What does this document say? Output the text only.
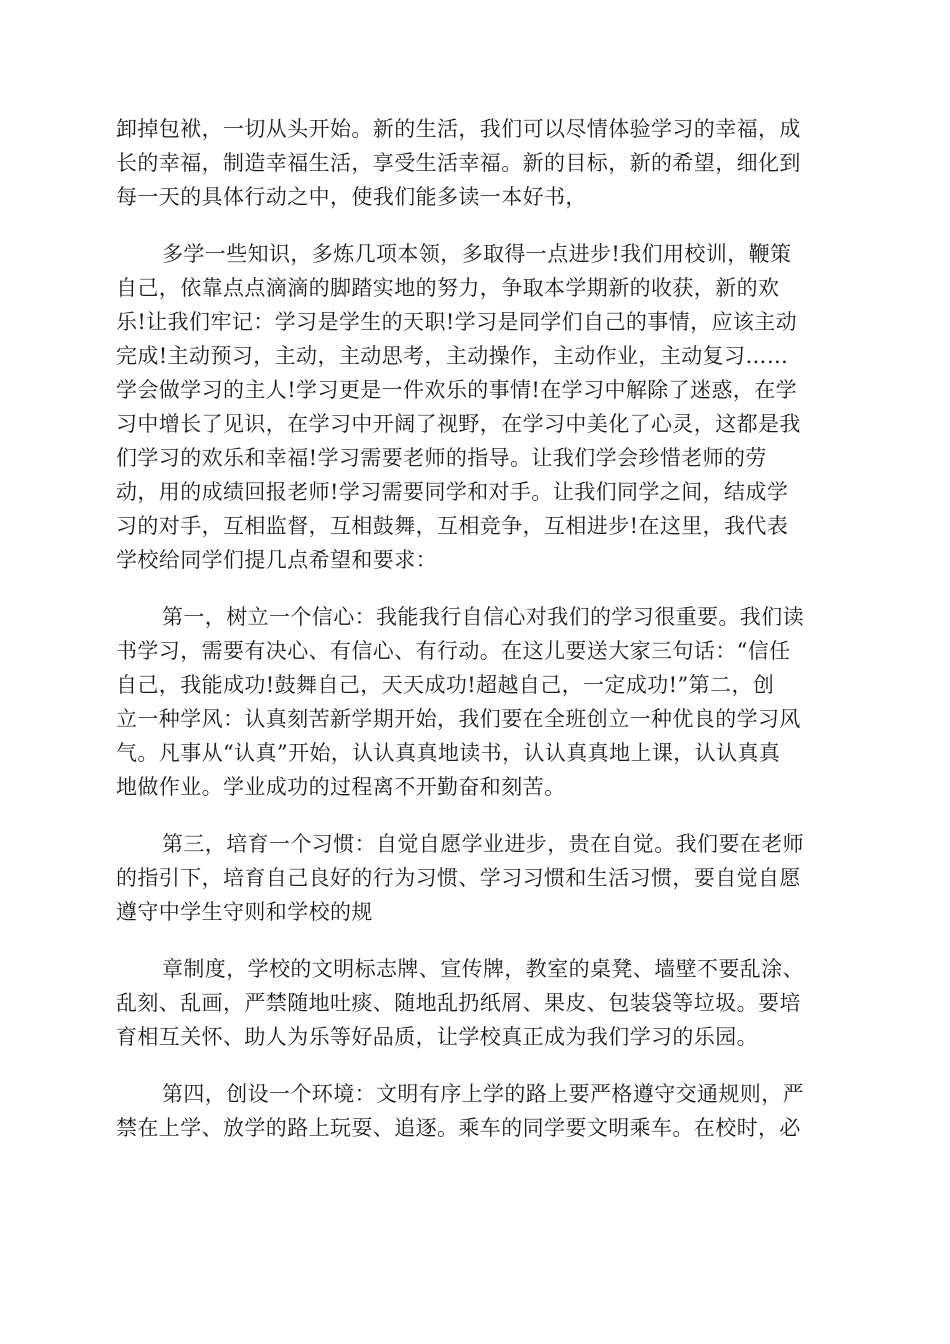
卸掉包袱，一切从头开始。新的生活，我们可以尽情体验学习的幸福，成
长的幸福，制造幸福生活，享受生活幸福。新的目标，新的希望，细化到
每一天的具体行动之中，使我们能多读一本好书，

多学一些知识，多炼几项本领，多取得一点进步!我们用校训，鞭策
自己，依靠点点滴滴的脚踏实地的努力，争取本学期新的收获，新的欢
乐!让我们牢记：学习是学生的天职!学习是同学们自己的事情，应该主动
完成!主动预习，主动，主动思考，主动操作，主动作业，主动复习……
学会做学习的主人!学习更是一件欢乐的事情!在学习中解除了迷惑，在学
习中增长了见识，在学习中开阔了视野，在学习中美化了心灵，这都是我
们学习的欢乐和幸福!学习需要老师的指导。让我们学会珍惜老师的劳
动，用的成绩回报老师!学习需要同学和对手。让我们同学之间，结成学
习的对手，互相监督，互相鼓舞，互相竞争，互相进步!在这里，我代表
学校给同学们提几点希望和要求：

第一，树立一个信心：我能我行自信心对我们的学习很重要。我们读
书学习，需要有决心、有信心、有行动。在这儿要送大家三句话：“信任
自己，我能成功!鼓舞自己，天天成功!超越自己，一定成功!”第二，创
立一种学风：认真刻苦新学期开始，我们要在全班创立一种优良的学习风
气。凡事从“认真”开始，认认真真地读书，认认真真地上课，认认真真
地做作业。学业成功的过程离不开勤奋和刻苦。

第三，培育一个习惯：自觉自愿学业进步，贵在自觉。我们要在老师
的指引下，培育自己良好的行为习惯、学习习惯和生活习惯，要自觉自愿
遵守中学生守则和学校的规

章制度，学校的文明标志牌、宣传牌，教室的桌凳、墙壁不要乱涂、
乱刻、乱画，严禁随地吐痰、随地乱扔纸屑、果皮、包装袋等垃圾。要培
育相互关怀、助人为乐等好品质，让学校真正成为我们学习的乐园。

第四，创设一个环境：文明有序上学的路上要严格遵守交通规则，严
禁在上学、放学的路上玩耍、追逐。乘车的同学要文明乘车。在校时，必
